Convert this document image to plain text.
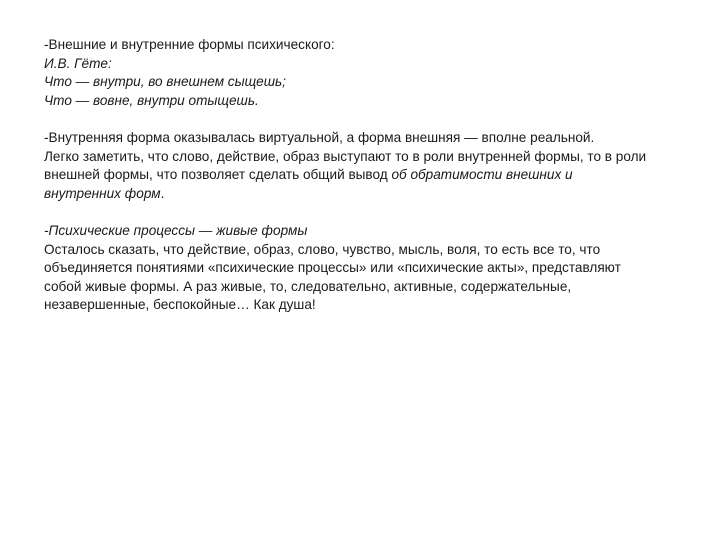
-Внешние и внутренние формы психического:
И.В. Гёте:
Что — внутри, во внешнем сыщешь;
Что — вовне, внутри отыщешь.
-Внутренняя форма оказывалась виртуальной, а форма внешняя — вполне реальной.
Легко заметить, что слово, действие, образ выступают то в роли внутренней формы, то в роли
внешней формы, что позволяет сделать общий вывод об обратимости внешних и
внутренних форм.
-Психические процессы — живые формы
Осталось сказать, что действие, образ, слово, чувство, мысль, воля, то есть все то, что
объединяется понятиями «психические процессы» или «психические акты», представляют
собой живые формы. А раз живые, то, следовательно, активные, содержательные,
незавершенные, беспокойные… Как душа!
